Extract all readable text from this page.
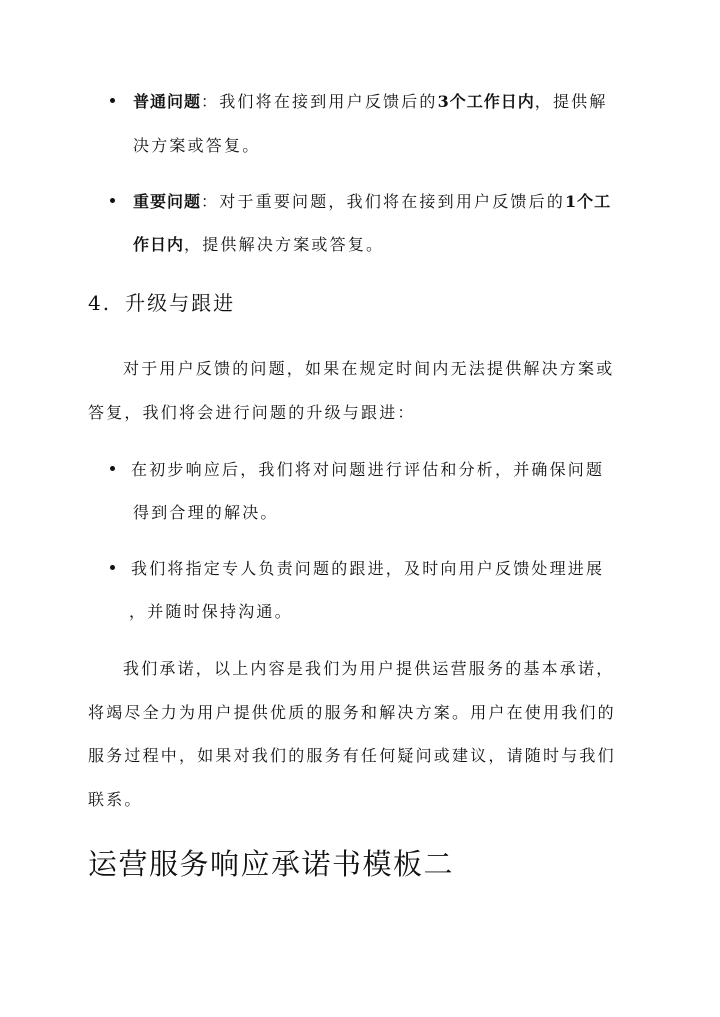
普通问题：我们将在接到用户反馈后的3个工作日内，提供解
决方案或答复。
重要问题：对于重要问题，我们将在接到用户反馈后的1个工
作日内，提供解决方案或答复。
4. 升级与跟进
对于用户反馈的问题，如果在规定时间内无法提供解决方案或
答复，我们将会进行问题的升级与跟进：
在初步响应后，我们将对问题进行评估和分析，并确保问题
得到合理的解决。
我们将指定专人负责问题的跟进，及时向用户反馈处理进展
，并随时保持沟通。
我们承诺，以上内容是我们为用户提供运营服务的基本承诺，
将竭尽全力为用户提供优质的服务和解决方案。用户在使用我们的
服务过程中，如果对我们的服务有任何疑问或建议，请随时与我们
联系。
运营服务响应承诺书模板二
